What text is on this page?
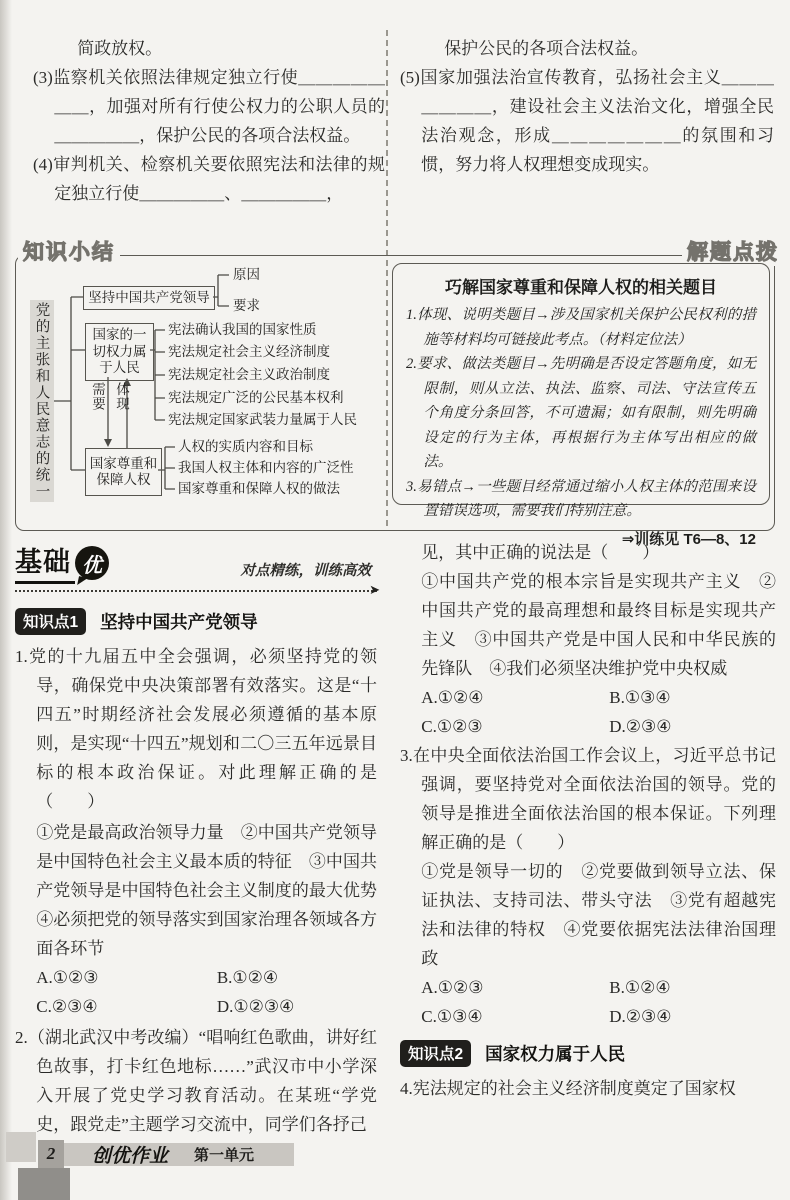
简政放权。
(3)监察机关依照法律规定独立行使＿＿＿＿＿＿＿，加强对所有行使公权力的公职人员的＿＿＿＿＿，保护公民的各项合法权益。
(4)审判机关、检察机关要依照宪法和法律的规定独立行使＿＿＿＿＿、＿＿＿＿＿，
保护公民的各项合法权益。
(5)国家加强法治宣传教育，弘扬社会主义＿＿＿＿＿＿＿，建设社会主义法治文化，增强全民法治观念，形成＿＿＿＿＿＿＿的氛围和习惯，努力将人权理想变成现实。
知识小结	解题点拨
党的主张和人民意志的统一
坚持中国共产党领导
原因
要求
国家的一切权力属于人民
宪法确认我国的国家性质
宪法规定社会主义经济制度
宪法规定社会主义政治制度
宪法规定广泛的公民基本权利
宪法规定国家武装力量属于人民
需要 体现
国家尊重和保障人权
人权的实质内容和目标
我国人权主体和内容的广泛性
国家尊重和保障人权的做法
巧解国家尊重和保障人权的相关题目
1.体现、说明类题目→涉及国家机关保护公民权利的措施等材料均可链接此考点。（材料定位法）
2.要求、做法类题目→先明确是否设定答题角度，如无限制，则从立法、执法、监察、司法、守法宣传五个角度分条回答，不可遗漏；如有限制，则先明确设定的行为主体，再根据行为主体写出相应的做法。
3.易错点→一些题目经常通过缩小人权主体的范围来设置错误选项，需要我们特别注意。
⇒训练见 T6—8、12
基础 优	对点精练，训练高效
➤
知识点1	坚持中国共产党领导
1.党的十九届五中全会强调，必须坚持党的领导，确保党中央决策部署有效落实。这是“十四五”时期经济社会发展必须遵循的基本原则，是实现“十四五”规划和二〇三五年远景目标的根本政治保证。对此理解正确的是（　　）
①党是最高政治领导力量　②中国共产党领导是中国特色社会主义最本质的特征　③中国共产党领导是中国特色社会主义制度的最大优势　④必须把党的领导落实到国家治理各领域各方面各环节
A.①②③	B.①②④
C.②③④	D.①②③④
2.（湖北武汉中考改编）“唱响红色歌曲，讲好红色故事，打卡红色地标……”武汉市中小学深入开展了党史学习教育活动。在某班“学党史，跟党走”主题学习交流中，同学们各抒己
见，其中正确的说法是（　　）
①中国共产党的根本宗旨是实现共产主义　②中国共产党的最高理想和最终目标是实现共产主义　③中国共产党是中国人民和中华民族的先锋队　④我们必须坚决维护党中央权威
A.①②④	B.①③④
C.①②③	D.②③④
3.在中央全面依法治国工作会议上，习近平总书记强调，要坚持党对全面依法治国的领导。党的领导是推进全面依法治国的根本保证。下列理解正确的是（　　）
①党是领导一切的　②党要做到领导立法、保证执法、支持司法、带头守法　③党有超越宪法和法律的特权　④党要依据宪法法律治国理政
A.①②③	B.①②④
C.①③④	D.②③④
知识点2	国家权力属于人民
4.宪法规定的社会主义经济制度奠定了国家权
2	创优作业 第一单元
